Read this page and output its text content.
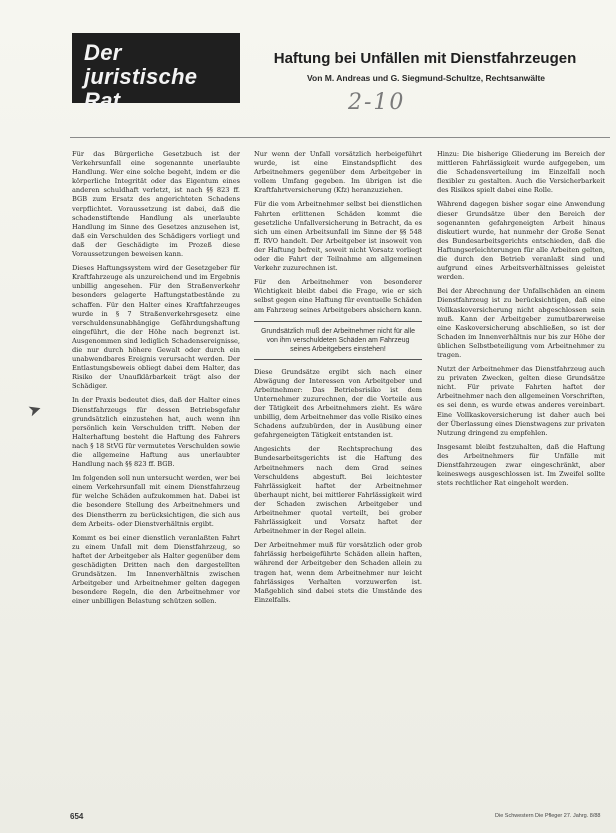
Der
juristische Rat
Haftung bei Unfällen mit Dienstfahrzeugen
Von M. Andreas und G. Siegmund-Schultze, Rechtsanwälte
2-10
➤

Für das Bürgerliche Gesetzbuch ist der Verkehrsunfall eine sogenannte unerlaubte Handlung. Wer eine solche begeht, indem er die körperliche Integrität oder das Eigentum eines anderen schuldhaft verletzt, ist nach §§ 823 ff. BGB zum Ersatz des angerichteten Schadens verpflichtet. Voraussetzung ist dabei, daß die schadenstiftende Handlung als unerlaubte Handlung im Sinne des Gesetzes anzusehen ist, daß ein Verschulden des Schädigers vorliegt und daß der Geschädigte im Prozeß diese Voraussetzungen beweisen kann.

Dieses Haftungssystem wird der Gesetzgeber für Kraftfahrzeuge als unzureichend und im Ergebnis unbillig angesehen. Für den Straßenverkehr besonders gelagerte Haftungstatbestände zu schaffen. Für den Halter eines Kraftfahrzeuges wurde in § 7 Straßenverkehrsgesetz eine verschuldensunabhängige Gefährdungshaftung eingeführt, die der Höhe nach begrenzt ist. Ausgenommen sind lediglich Schadensereignisse, die nur durch höhere Gewalt oder durch ein unabwendbares Ereignis verursacht werden. Der Entlastungsbeweis obliegt dabei dem Halter, das Risiko der Unaufklärbarkeit trägt also der Schädiger.

In der Praxis bedeutet dies, daß der Halter eines Dienstfahrzeugs für dessen Betriebsgefahr grundsätzlich einzustehen hat, auch wenn ihn persönlich kein Verschulden trifft. Neben der Halterhaftung besteht die Haftung des Fahrers nach § 18 StVG für vermutetes Verschulden sowie die allgemeine Haftung aus unerlaubter Handlung nach §§ 823 ff. BGB.

Im folgenden soll nun untersucht werden, wer bei einem Verkehrsunfall mit einem Dienstfahrzeug für welche Schäden aufzukommen hat. Dabei ist die besondere Stellung des Arbeitnehmers und des Dienstherrn zu berücksichtigen, die sich aus dem Arbeits- oder Dienstverhältnis ergibt.

Kommt es bei einer dienstlich veranlaßten Fahrt zu einem Unfall mit dem Dienstfahrzeug, so haftet der Arbeitgeber als Halter gegenüber dem geschädigten Dritten nach den dargestellten Grundsätzen. Im Innenverhältnis zwischen Arbeitgeber und Arbeitnehmer gelten dagegen besondere Regeln, die den Arbeitnehmer vor einer unbilligen Belastung schützen sollen.

Nur wenn der Unfall vorsätzlich herbeigeführt wurde, ist eine Einstandspflicht des Arbeitnehmers gegenüber dem Arbeitgeber in vollem Umfang gegeben. Im übrigen ist die Kraftfahrtversicherung (Kfz) heranzuziehen.

Für die vom Arbeitnehmer selbst bei dienstlichen Fahrten erlittenen Schäden kommt die gesetzliche Unfallversicherung in Betracht, da es sich um einen Arbeitsunfall im Sinne der §§ 548 ff. RVO handelt. Der Arbeitgeber ist insoweit von der Haftung befreit, soweit nicht Vorsatz vorliegt oder die Fahrt der Teilnahme am allgemeinen Verkehr zuzurechnen ist.

Für den Arbeitnehmer von besonderer Wichtigkeit bleibt dabei die Frage, wie er sich selbst gegen eine Haftung für eventuelle Schäden am Fahrzeug seines Arbeitgebers absichern kann.

Grundsätzlich muß der Arbeitnehmer nicht für alle von ihm verschuldeten Schäden am Fahrzeug seines Arbeitgebers einstehen!

Diese Grundsätze ergibt sich nach einer Abwägung der Interessen von Arbeitgeber und Arbeitnehmer: Das Betriebsrisiko ist dem Unternehmer zuzurechnen, der die Vorteile aus der Tätigkeit des Arbeitnehmers zieht. Es wäre unbillig, dem Arbeitnehmer das volle Risiko eines Schadens aufzubürden, der in Ausübung einer gefahrgeneigten Tätigkeit entstanden ist.

Angesichts der Rechtsprechung des Bundesarbeitsgerichts ist die Haftung des Arbeitnehmers nach dem Grad seines Verschuldens abgestuft. Bei leichtester Fahrlässigkeit haftet der Arbeitnehmer überhaupt nicht, bei mittlerer Fahrlässigkeit wird der Schaden zwischen Arbeitgeber und Arbeitnehmer quotal verteilt, bei grober Fahrlässigkeit und Vorsatz haftet der Arbeitnehmer in der Regel allein.

Der Arbeitnehmer muß für vorsätzlich oder grob fahrlässig herbeigeführte Schäden allein haften, während der Arbeitgeber den Schaden allein zu tragen hat, wenn dem Arbeitnehmer nur leicht fahrlässiges Verhalten vorzuwerfen ist. Maßgeblich sind dabei stets die Umstände des Einzelfalls.

Hinzu: Die bisherige Gliederung im Bereich der mittleren Fahrlässigkeit wurde aufgegeben, um die Schadensverteilung im Einzelfall noch flexibler zu gestalten. Auch die Versicherbarkeit des Risikos spielt dabei eine Rolle.

Während dagegen bisher sogar eine Anwendung dieser Grundsätze über den Bereich der sogenannten gefahrgeneigten Arbeit hinaus diskutiert wurde, hat nunmehr der Große Senat des Bundesarbeitsgerichts entschieden, daß die Haftungserleichterungen für alle Arbeiten gelten, die durch den Betrieb veranlaßt sind und aufgrund eines Arbeitsverhältnisses geleistet werden.

Bei der Abrechnung der Unfallschäden an einem Dienstfahrzeug ist zu berücksichtigen, daß eine Vollkaskoversicherung nicht abgeschlossen sein muß. Kann der Arbeitgeber zumutbarerweise eine Kaskoversicherung abschließen, so ist der Schaden im Innenverhältnis nur bis zur Höhe der üblichen Selbstbeteiligung vom Arbeitnehmer zu tragen.

Nutzt der Arbeitnehmer das Dienstfahrzeug auch zu privaten Zwecken, gelten diese Grundsätze nicht. Für private Fahrten haftet der Arbeitnehmer nach den allgemeinen Vorschriften, es sei denn, es wurde etwas anderes vereinbart. Eine Vollkaskoversicherung ist daher auch bei der Überlassung eines Dienstwagens zur privaten Nutzung dringend zu empfehlen.

Insgesamt bleibt festzuhalten, daß die Haftung des Arbeitnehmers für Unfälle mit Dienstfahrzeugen zwar eingeschränkt, aber keineswegs ausgeschlossen ist. Im Zweifel sollte stets rechtlicher Rat eingeholt werden.

654	Die Schwestern Die Pfleger 27. Jahrg. 8/88
